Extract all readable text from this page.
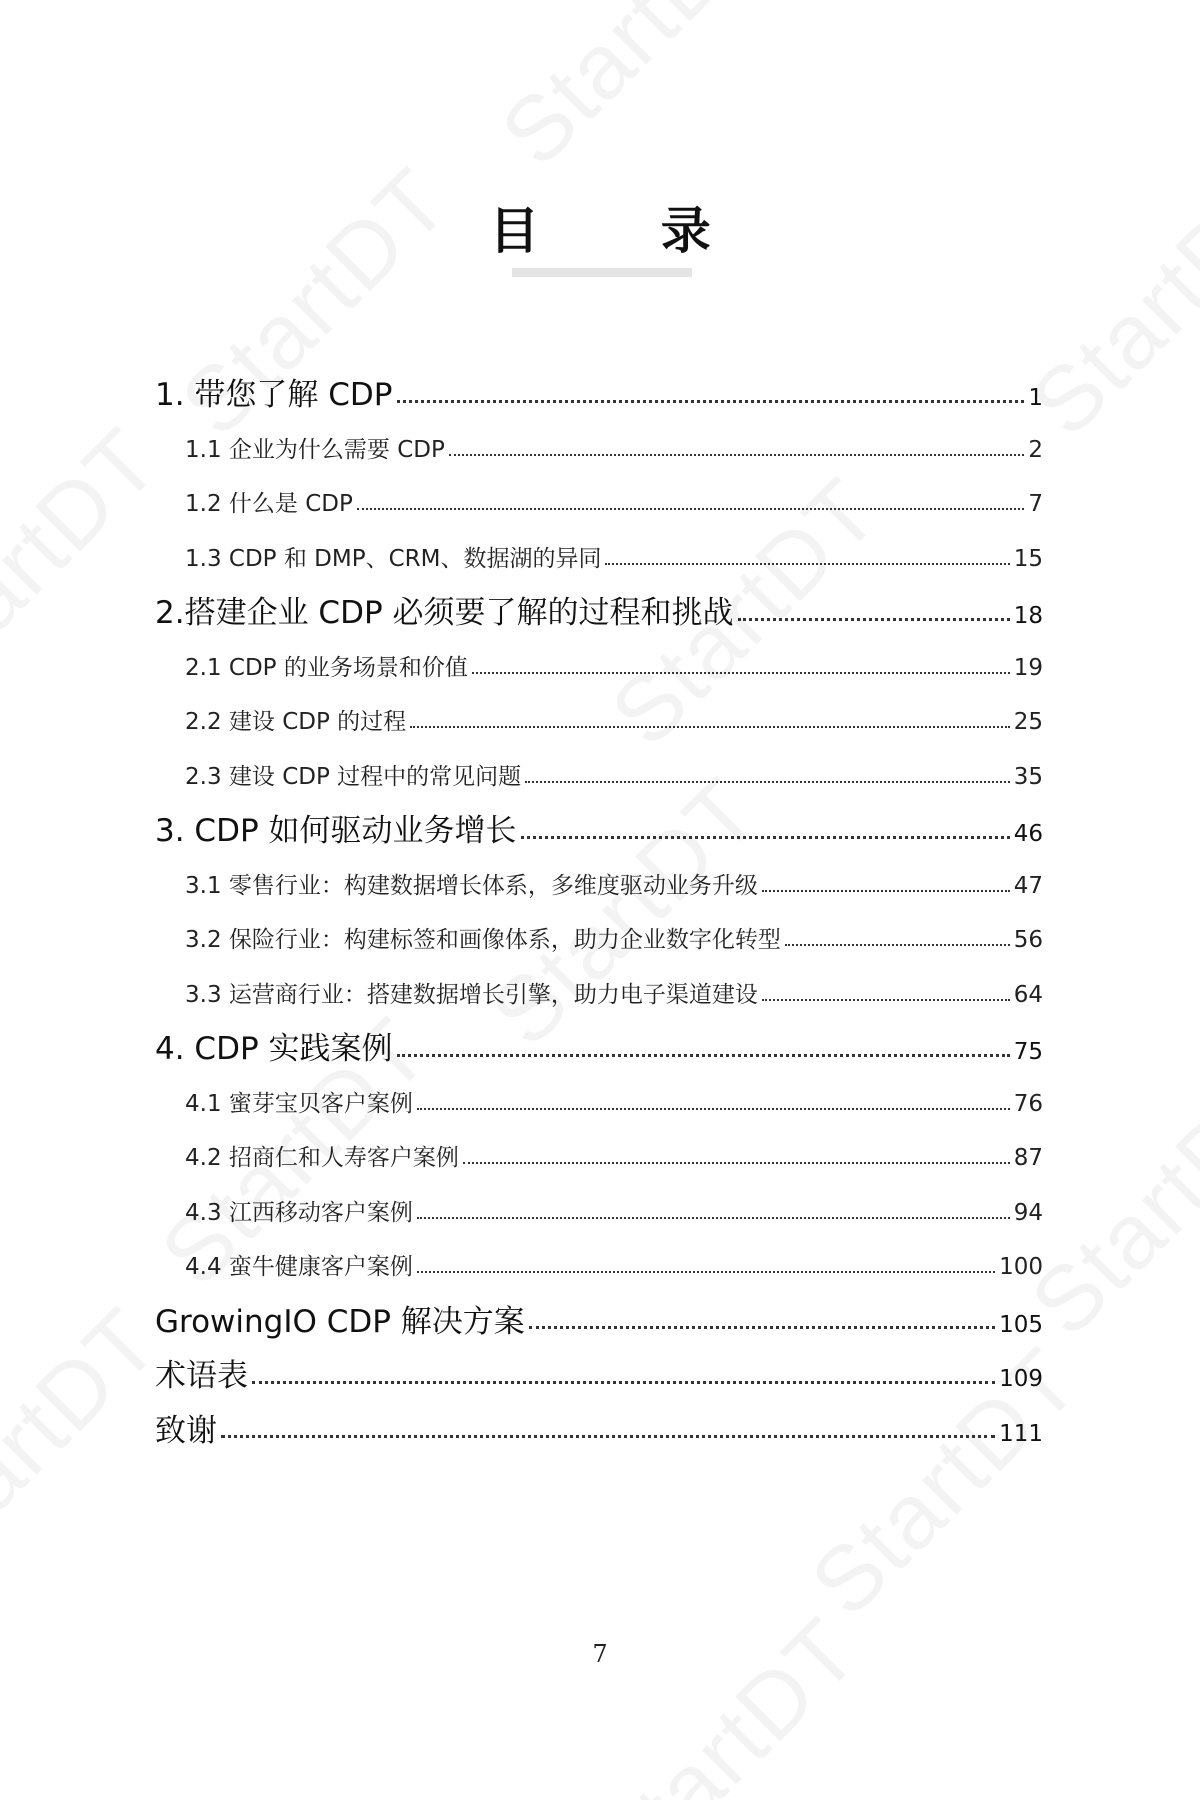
目 录
1. 带您了解 CDP	1
1.1 企业为什么需要 CDP	2
1.2 什么是 CDP	7
1.3 CDP 和 DMP、CRM、数据湖的异同	15
2.搭建企业 CDP 必须要了解的过程和挑战	18
2.1 CDP 的业务场景和价值	19
2.2 建设 CDP 的过程	25
2.3 建设 CDP 过程中的常见问题	35
3. CDP 如何驱动业务增长	46
3.1 零售行业：构建数据增长体系，多维度驱动业务升级	47
3.2 保险行业：构建标签和画像体系，助力企业数字化转型	56
3.3 运营商行业：搭建数据增长引擎，助力电子渠道建设	64
4. CDP 实践案例	75
4.1 蜜芽宝贝客户案例	76
4.2 招商仁和人寿客户案例	87
4.3 江西移动客户案例	94
4.4 蛮牛健康客户案例	100
GrowingIO CDP 解决方案	105
术语表	109
致谢	111
7
